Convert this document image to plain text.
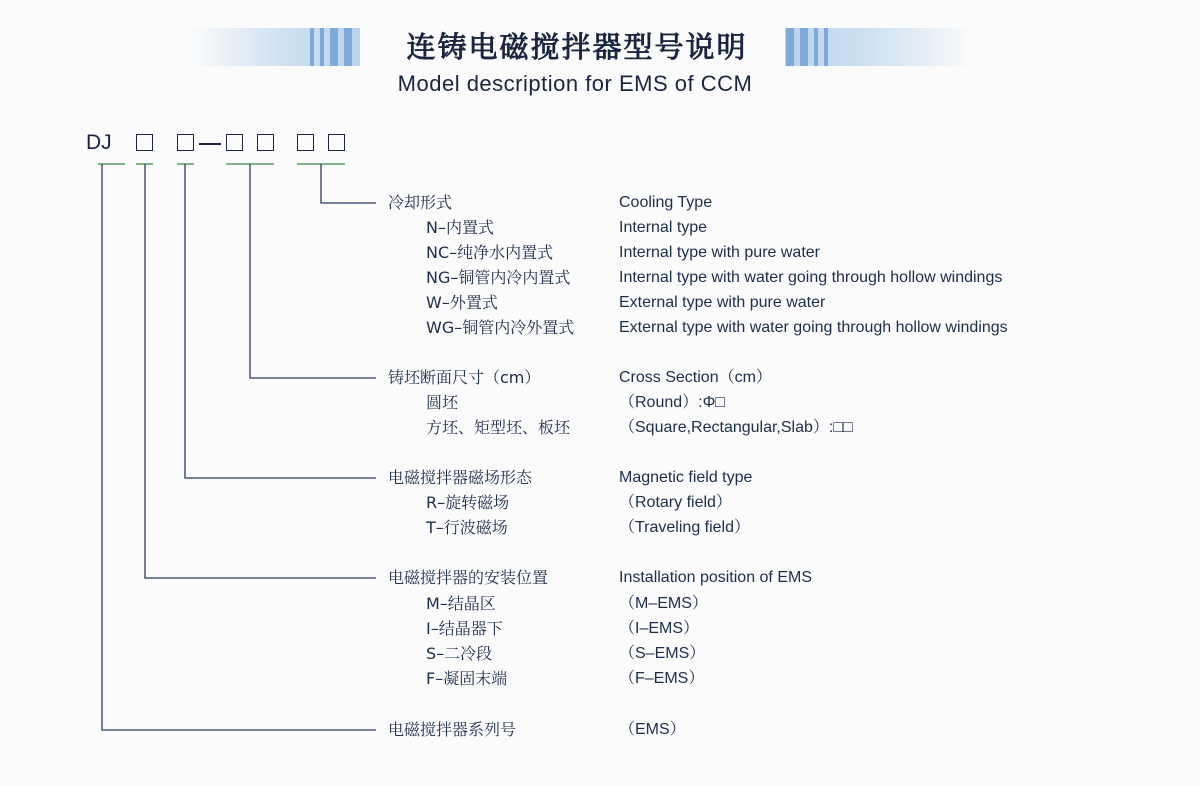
连铸电磁搅拌器型号说明
Model description for EMS of CCM
DJ
冷却形式	Cooling Type
N–内置式	Internal type
NC–纯净水内置式	Internal type with pure water
NG–铜管内冷内置式	Internal type with water going through hollow windings
W–外置式	External type with pure water
WG–铜管内冷外置式	External type with water going through hollow windings
铸坯断面尺寸（cm）	Cross Section（cm）
圆坯	（Round）:Φ□
方坯、矩型坯、板坯	（Square,Rectangular,Slab）:□□
电磁搅拌器磁场形态	Magnetic field type
R–旋转磁场	（Rotary field）
T–行波磁场	（Traveling field）
电磁搅拌器的安装位置	Installation position of EMS
M–结晶区	（M–EMS）
I–结晶器下	（I–EMS）
S–二冷段	（S–EMS）
F–凝固末端	（F–EMS）
电磁搅拌器系列号	（EMS）
